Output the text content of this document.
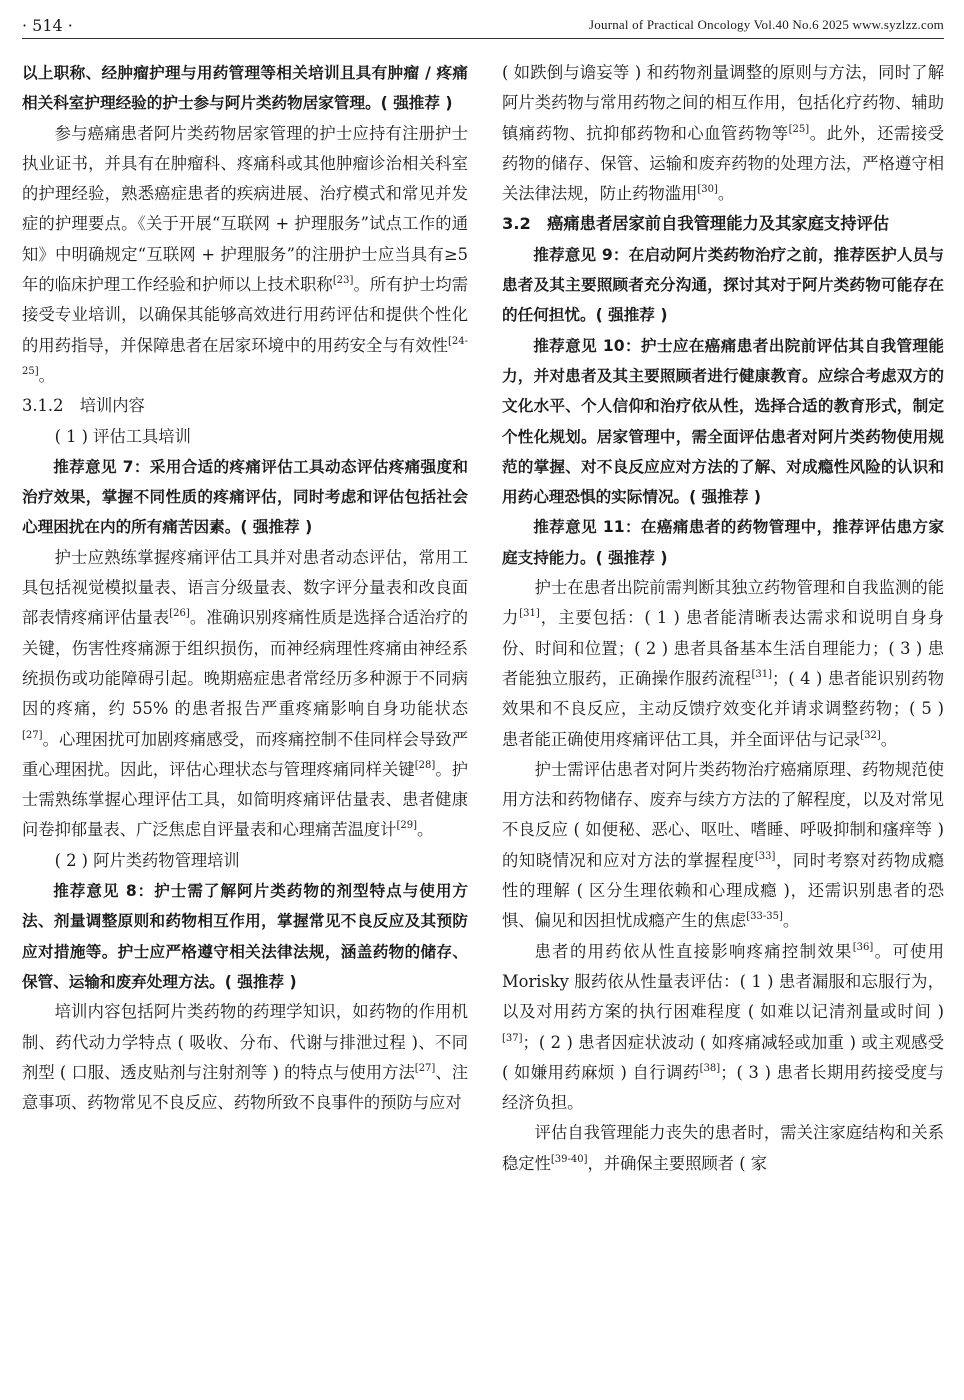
· 514 ·	Journal of Practical Oncology Vol.40 No.6 2025 www.syzlzz.com

以上职称、经肿瘤护理与用药管理等相关培训且具有肿瘤 / 疼痛相关科室护理经验的护士参与阿片类药物居家管理。( 强推荐 )

参与癌痛患者阿片类药物居家管理的护士应持有注册护士执业证书，并具有在肿瘤科、疼痛科或其他肿瘤诊治相关科室的护理经验，熟悉癌症患者的疾病进展、治疗模式和常见并发症的护理要点。《关于开展“互联网 + 护理服务”试点工作的通知》中明确规定“互联网 + 护理服务”的注册护士应当具有≥5 年的临床护理工作经验和护师以上技术职称[23]。所有护士均需接受专业培训，以确保其能够高效进行用药评估和提供个性化的用药指导，并保障患者在居家环境中的用药安全与有效性[24-25]。

3.1.2　培训内容

( 1 ) 评估工具培训

推荐意见 7：采用合适的疼痛评估工具动态评估疼痛强度和治疗效果，掌握不同性质的疼痛评估，同时考虑和评估包括社会心理困扰在内的所有痛苦因素。( 强推荐 )

护士应熟练掌握疼痛评估工具并对患者动态评估，常用工具包括视觉模拟量表、语言分级量表、数字评分量表和改良面部表情疼痛评估量表[26]。准确识别疼痛性质是选择合适治疗的关键，伤害性疼痛源于组织损伤，而神经病理性疼痛由神经系统损伤或功能障碍引起。晚期癌症患者常经历多种源于不同病因的疼痛，约 55% 的患者报告严重疼痛影响自身功能状态[27]。心理困扰可加剧疼痛感受，而疼痛控制不佳同样会导致严重心理困扰。因此，评估心理状态与管理疼痛同样关键[28]。护士需熟练掌握心理评估工具，如简明疼痛评估量表、患者健康问卷抑郁量表、广泛焦虑自评量表和心理痛苦温度计[29]。

( 2 ) 阿片类药物管理培训

推荐意见 8：护士需了解阿片类药物的剂型特点与使用方法、剂量调整原则和药物相互作用，掌握常见不良反应及其预防应对措施等。护士应严格遵守相关法律法规，涵盖药物的储存、保管、运输和废弃处理方法。( 强推荐 )

培训内容包括阿片类药物的药理学知识，如药物的作用机制、药代动力学特点 ( 吸收、分布、代谢与排泄过程 )、不同剂型 ( 口服、透皮贴剂与注射剂等 ) 的特点与使用方法[27]、注意事项、药物常见不良反应、药物所致不良事件的预防与应对

( 如跌倒与谵妄等 ) 和药物剂量调整的原则与方法，同时了解阿片类药物与常用药物之间的相互作用，包括化疗药物、辅助镇痛药物、抗抑郁药物和心血管药物等[25]。此外，还需接受药物的储存、保管、运输和废弃药物的处理方法，严格遵守相关法律法规，防止药物滥用[30]。

3.2　癌痛患者居家前自我管理能力及其家庭支持评估

推荐意见 9：在启动阿片类药物治疗之前，推荐医护人员与患者及其主要照顾者充分沟通，探讨其对于阿片类药物可能存在的任何担忧。( 强推荐 )

推荐意见 10：护士应在癌痛患者出院前评估其自我管理能力，并对患者及其主要照顾者进行健康教育。应综合考虑双方的文化水平、个人信仰和治疗依从性，选择合适的教育形式，制定个性化规划。居家管理中，需全面评估患者对阿片类药物使用规范的掌握、对不良反应应对方法的了解、对成瘾性风险的认识和用药心理恐惧的实际情况。( 强推荐 )

推荐意见 11：在癌痛患者的药物管理中，推荐评估患方家庭支持能力。( 强推荐 )

护士在患者出院前需判断其独立药物管理和自我监测的能力[31]，主要包括：( 1 ) 患者能清晰表达需求和说明自身身份、时间和位置；( 2 ) 患者具备基本生活自理能力；( 3 ) 患者能独立服药，正确操作服药流程[31]；( 4 ) 患者能识别药物效果和不良反应，主动反馈疗效变化并请求调整药物；( 5 ) 患者能正确使用疼痛评估工具，并全面评估与记录[32]。

护士需评估患者对阿片类药物治疗癌痛原理、药物规范使用方法和药物储存、废弃与续方方法的了解程度，以及对常见不良反应 ( 如便秘、恶心、呕吐、嗜睡、呼吸抑制和瘙痒等 ) 的知晓情况和应对方法的掌握程度[33]，同时考察对药物成瘾性的理解 ( 区分生理依赖和心理成瘾 )，还需识别患者的恐惧、偏见和因担忧成瘾产生的焦虑[33-35]。

患者的用药依从性直接影响疼痛控制效果[36]。可使用 Morisky 服药依从性量表评估：( 1 ) 患者漏服和忘服行为，以及对用药方案的执行困难程度 ( 如难以记清剂量或时间 )[37]；( 2 ) 患者因症状波动 ( 如疼痛减轻或加重 ) 或主观感受 ( 如嫌用药麻烦 ) 自行调药[38]；( 3 ) 患者长期用药接受度与经济负担。

评估自我管理能力丧失的患者时，需关注家庭结构和关系稳定性[39-40]，并确保主要照顾者 ( 家
